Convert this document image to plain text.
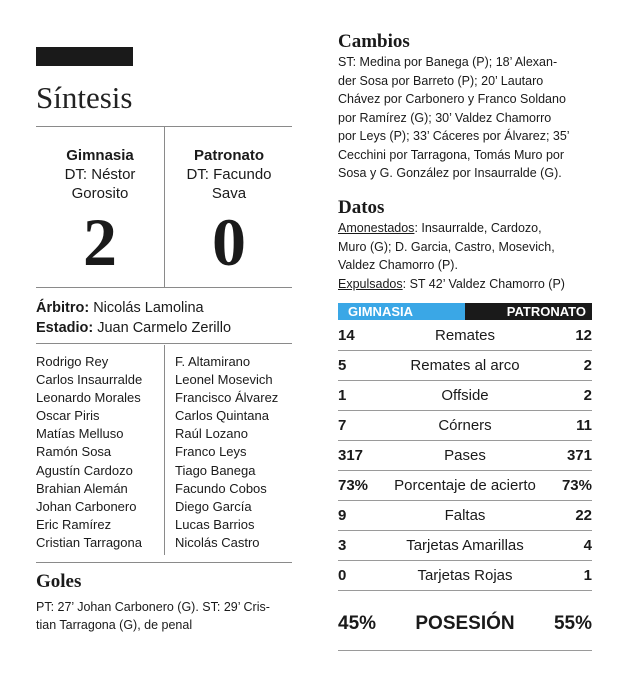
Síntesis
Gimnasia
DT: Néstor
Gorosito
Patronato
DT: Facundo
Sava
2	0
Árbitro: Nicolás Lamolina
Estadio: Juan Carmelo Zerillo
Rodrigo Rey
Carlos Insaurralde
Leonardo Morales
Oscar Piris
Matías Melluso
Ramón Sosa
Agustín Cardozo
Brahian Alemán
Johan Carbonero
Eric Ramírez
Cristian Tarragona
F. Altamirano
Leonel Mosevich
Francisco Álvarez
Carlos Quintana
Raúl Lozano
Franco Leys
Tiago Banega
Facundo Cobos
Diego García
Lucas Barrios
Nicolás Castro
Goles
PT: 27’ Johan Carbonero (G). ST: 29’ Cris-
tian Tarragona (G), de penal
Cambios
ST: Medina por Banega (P); 18’ Alexan-
der Sosa por Barreto (P); 20’ Lautaro
Chávez por Carbonero y Franco Soldano
por Ramírez (G); 30’ Valdez Chamorro
por Leys (P); 33’ Cáceres por Álvarez; 35’
Cecchini por Tarragona, Tomás Muro por
Sosa y G. González por Insaurralde (G).
Datos
Amonestados: Insaurralde, Cardozo,
Muro (G); D. Garcia, Castro, Mosevich,
Valdez Chamorro (P).
Expulsados: ST 42’ Valdez Chamorro (P)
GIMNASIA	PATRONATO
14	Remates	12
5	Remates al arco	2
1	Offside	2
7	Córners	11
317	Pases	371
73%	Porcentaje de acierto	73%
9	Faltas	22
3	Tarjetas Amarillas	4
0	Tarjetas Rojas	1
45%	POSESIÓN	55%
